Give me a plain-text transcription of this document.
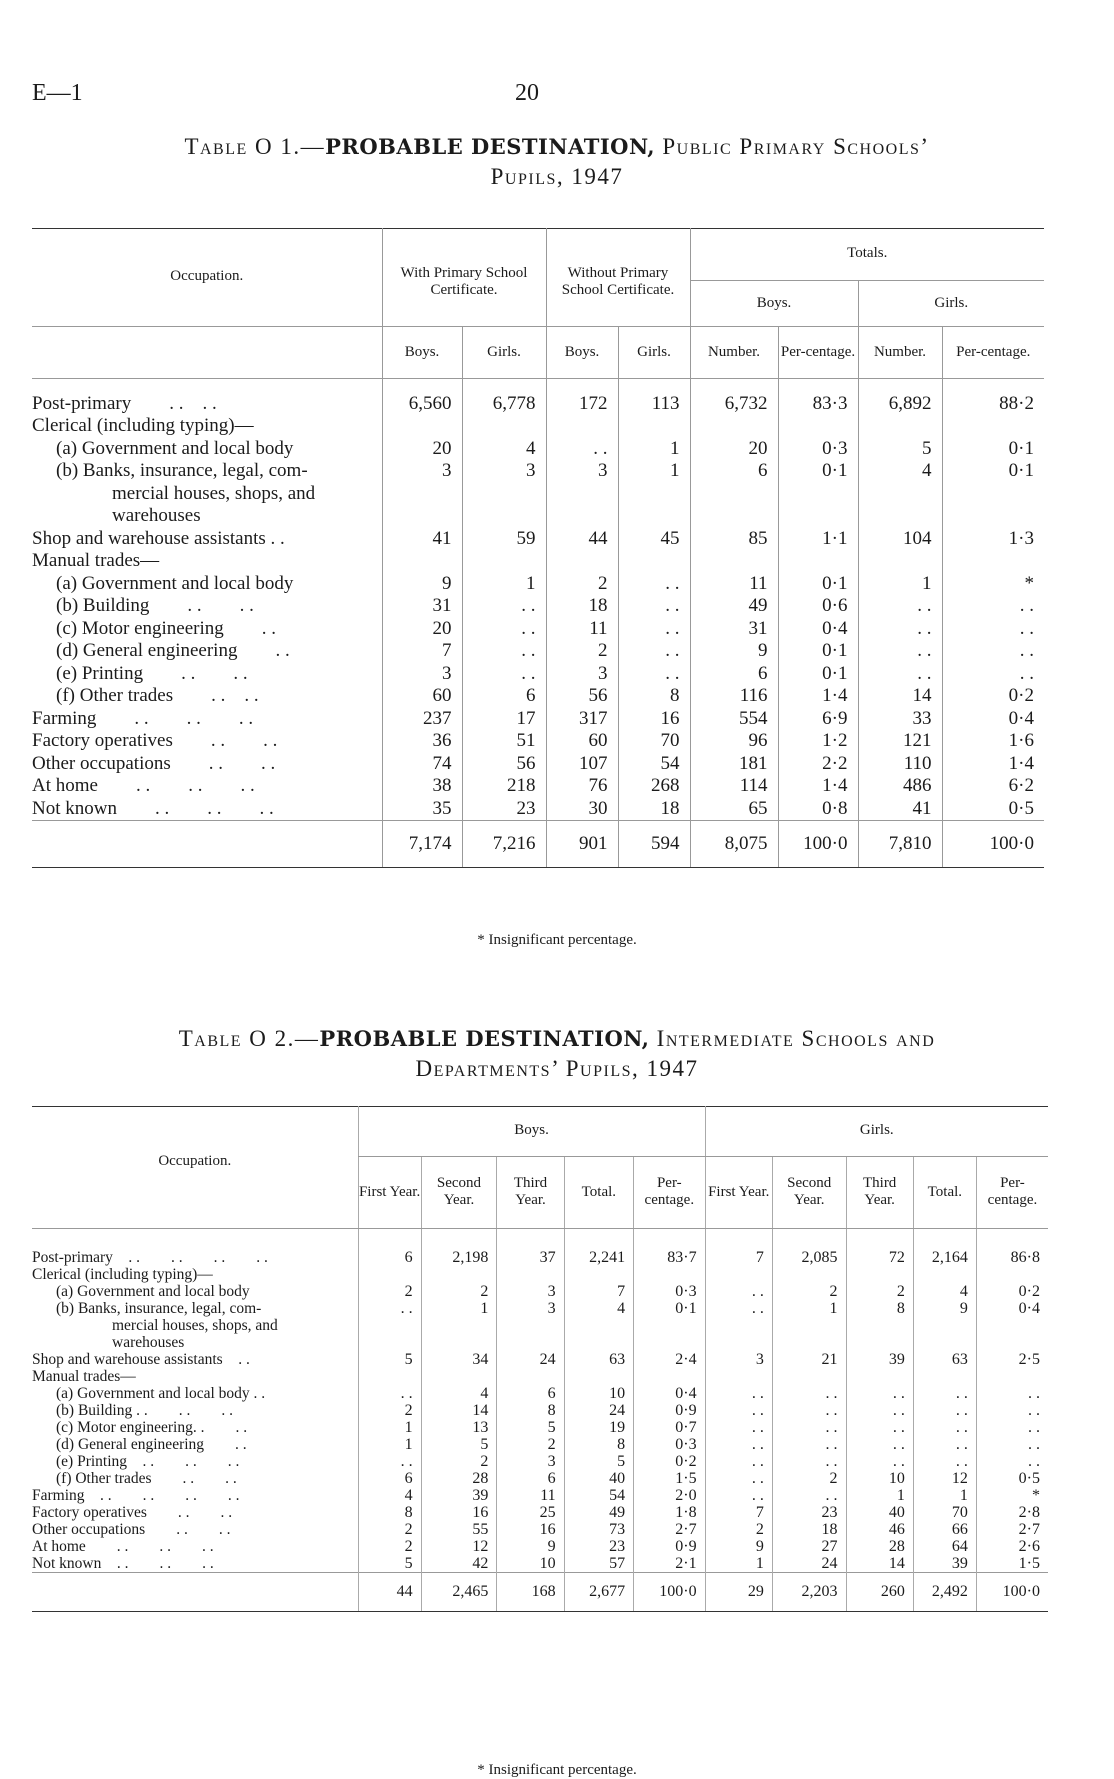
E—1	20
Table O 1.—PROBABLE DESTINATION, Public Primary Schools’
Pupils, 1947
Occupation.	With Primary School Certificate.		Without Primary School Certificate.		Totals.			
					Boys.		Girls.	
	Boys.	Girls.	Boys.	Girls.	Number.	Per-centage.	Number.	Per-centage.

Post-primary  . . . .	6,560	6,778	172	113	6,732	83·3	6,892	88·2
Clerical (including typing)—								
(a) Government and local body	20	4	. .	1	20	0·3	5	0·1
(b) Banks, insurance, legal, com-	3	3	3	1	6	0·1	4	0·1
mercial houses, shops, and								
warehouses								
Shop and warehouse assistants . .	41	59	44	45	85	1·1	104	1·3
Manual trades—								
(a) Government and local body	9	1	2	. .	11	0·1	1	*
(b) Building  . .  . .	31	. .	18	. .	49	0·6	. .	. .
(c) Motor engineering  . .	20	. .	11	. .	31	0·4	. .	. .
(d) General engineering  . .	7	. .	2	. .	9	0·1	. .	. .
(e) Printing  . .  . .	3	. .	3	. .	6	0·1	. .	. .
(f) Other trades  . . . .	60	6	56	8	116	1·4	14	0·2
Farming  . .  . .  . .	237	17	317	16	554	6·9	33	0·4
Factory operatives  . .  . .	36	51	60	70	96	1·2	121	1·6
Other occupations  . .  . .	74	56	107	54	181	2·2	110	1·4
At home  . .  . .  . .	38	218	76	268	114	1·4	486	6·2
Not known  . .  . .  . .	35	23	30	18	65	0·8	41	0·5
	7,174	7,216	901	594	8,075	100·0	7,810	100·0
* Insignificant percentage.
Table O 2.—PROBABLE DESTINATION, Intermediate Schools and
Departments’ Pupils, 1947
Occupation.	Boys.					Girls.				
	First Year.	Second Year.	Third Year.	Total.	Per-centage.	First Year.	Second Year.	Third Year.	Total.	Per-centage.

Post-primary . .  . .  . .  . .	6	2,198	37	2,241	83·7	7	2,085	72	2,164	86·8
Clerical (including typing)—										
(a) Government and local body	2	2	3	7	0·3	. .	2	2	4	0·2
(b) Banks, insurance, legal, com-	. .	1	3	4	0·1	. .	1	8	9	0·4
mercial houses, shops, and										
warehouses										
Shop and warehouse assistants . .	5	34	24	63	2·4	3	21	39	63	2·5
Manual trades—										
(a) Government and local body . .	. .	4	6	10	0·4	. .	. .	. .	. .	. .
(b) Building . .  . .  . .	2	14	8	24	0·9	. .	. .	. .	. .	. .
(c) Motor engineering. .  . .	1	13	5	19	0·7	. .	. .	. .	. .	. .
(d) General engineering  . .	1	5	2	8	0·3	. .	. .	. .	. .	. .
(e) Printing . .  . .  . .	. .	2	3	5	0·2	. .	. .	. .	. .	. .
(f) Other trades  . .  . .	6	28	6	40	1·5	. .	2	10	12	0·5
Farming . .  . .  . .  . .	4	39	11	54	2·0	. .	. .	1	1	*
Factory operatives  . .  . .	8	16	25	49	1·8	7	23	40	70	2·8
Other occupations  . .  . .	2	55	16	73	2·7	2	18	46	66	2·7
At home  . .  . .  . .	2	12	9	23	0·9	9	27	28	64	2·6
Not known . .  . .  . .	5	42	10	57	2·1	1	24	14	39	1·5
	44	2,465	168	2,677	100·0	29	2,203	260	2,492	100·0
* Insignificant percentage.
